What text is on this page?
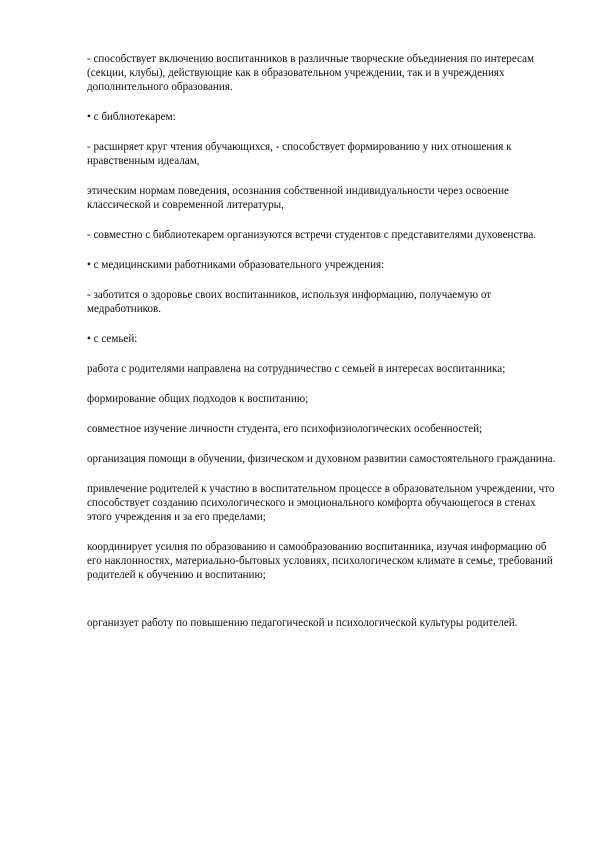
- способствует включению воспитанников в различные творческие объединения по интересам (секции, клубы), действующие как в образовательном учреждении, так и в учреждениях дополнительного образования.

• с библиотекарем:

- расширяет круг чтения обучающихся, - способствует формированию у них отношения к нравственным идеалам,

этическим нормам поведения, осознания собственной индивидуальности через освоение классической и современной литературы,

- совместно с библиотекарем организуются встречи студентов с представителями духовенства.

• с медицинскими работниками образовательного учреждения:

- заботится о здоровье своих воспитанников, используя информацию, получаемую от медработников.

• с семьей:

работа с родителями направлена на сотрудничество с семьей в интересах воспитанника;

формирование общих подходов к воспитанию;

совместное изучение личности студента, его психофизиологических особенностей;

организация помощи в обучении, физическом и духовном развитии самостоятельного гражданина.

привлечение родителей к участию в воспитательном процессе в образовательном учреждении, что способствует созданию психологического и эмоционального комфорта обучающегося в стенах этого учреждения и за его пределами;

координирует усилия по образованию и самообразованию воспитанника, изучая информацию об его наклонностях, материально-бытовых условиях, психологическом климате в семье, требований родителей к обучению и воспитанию;

организует работу по повышению педагогической и психологической культуры родителей.
